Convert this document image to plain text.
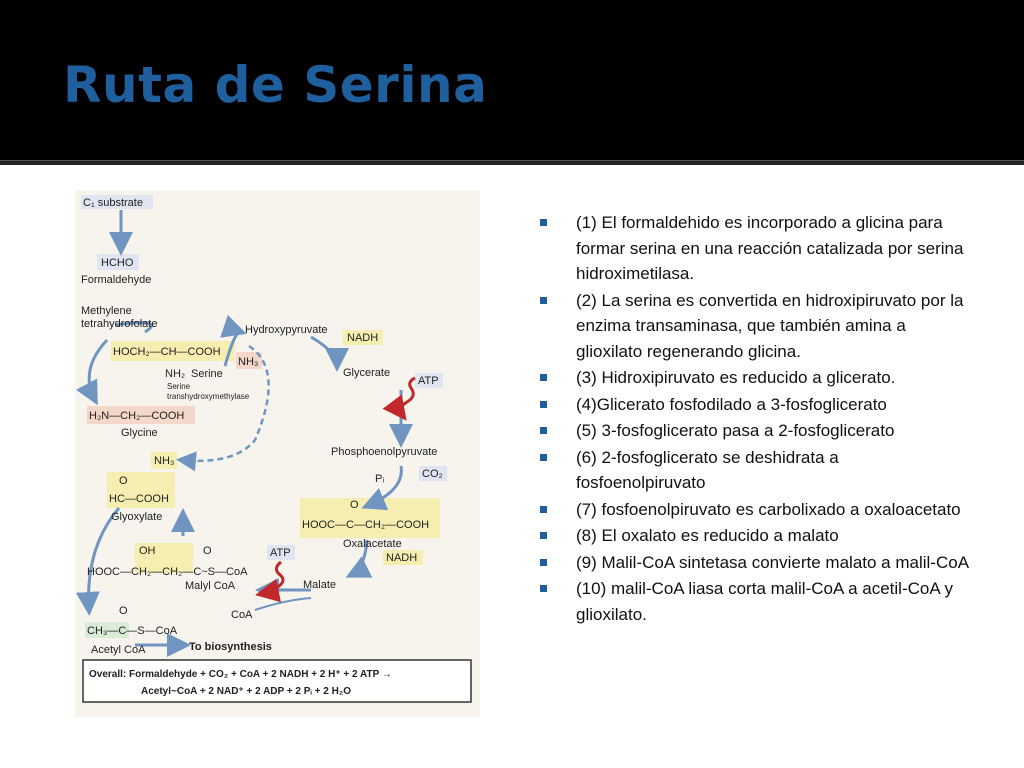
Ruta de Serina
C₁ substrate
HCHO
Formaldehyde
Methylene
tetrahydrofolate
HOCH₂—CH—COOH
NH₂ Serine
Serine
transhydroxymethylase
Hydroxypyruvate
NADH
NH₃
Glycerate
ATP
H₂N—CH₂—COOH
Glycine
NH₃
Phosphoenolpyruvate
Pᵢ	CO₂
O
HC—COOH
Glyoxylate
O
HOOC—C—CH₂—COOH
Oxalacetate
NADH
ATP
OH	O
HOOC—CH₂—CH₂—C~S—CoA
Malyl CoA	Malate
CoA
O
CH₃—C—S—CoA
Acetyl CoA	To biosynthesis
Overall: Formaldehyde + CO₂ + CoA + 2 NADH + 2 H⁺ + 2 ATP →
Acetyl~CoA + 2 NAD⁺ + 2 ADP + 2 Pᵢ + 2 H₂O
(1) El formaldehido es incorporado a glicina para formar serina en una reacción catalizada por serina hidroximetilasa.
(2) La serina es convertida en hidroxipiruvato por la enzima transaminasa, que también amina a glioxilato regenerando glicina.
(3) Hidroxipiruvato es reducido a glicerato.
(4)Glicerato fosfodilado a 3-fosfoglicerato
(5) 3-fosfoglicerato pasa a 2-fosfoglicerato
(6) 2-fosfoglicerato se deshidrata a fosfoenolpiruvato
(7) fosfoenolpiruvato es carbolixado a oxaloacetato
(8) El oxalato es reducido a malato
(9) Malil-CoA sintetasa convierte malato a malil-CoA
(10) malil-CoA liasa corta malil-CoA a acetil-CoA y glioxilato.
